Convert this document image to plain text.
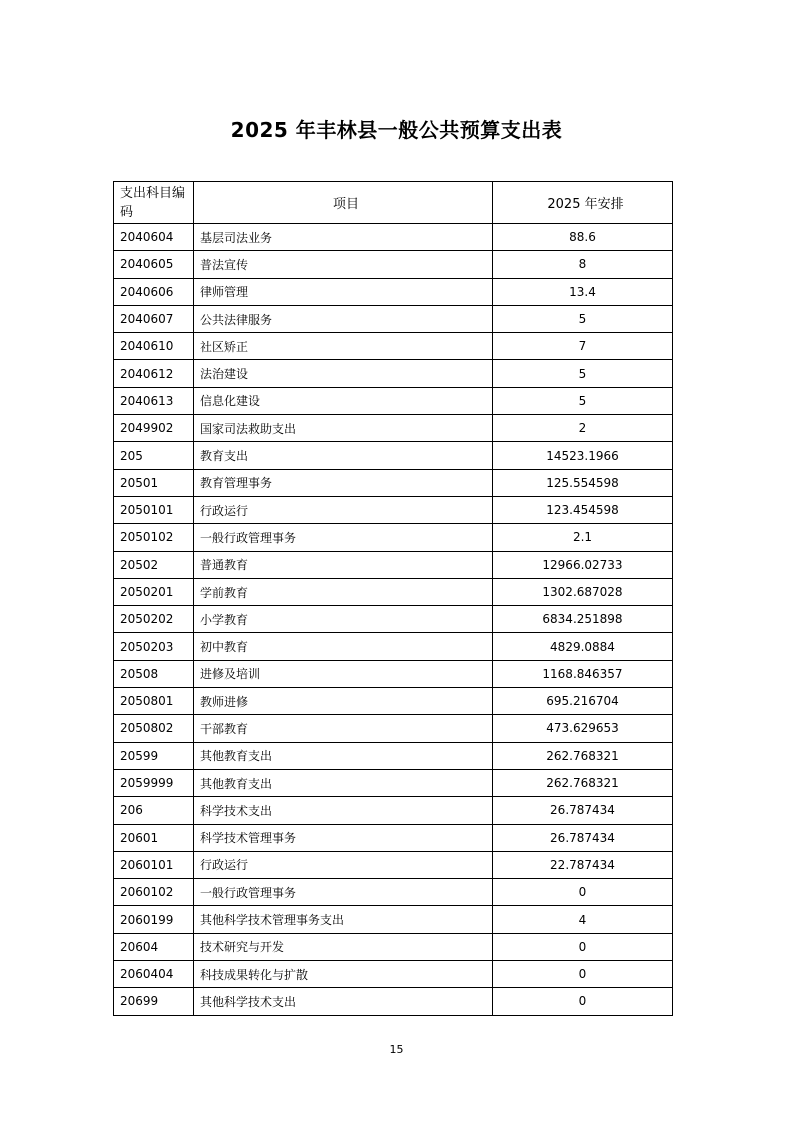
2025 年丰林县一般公共预算支出表
支出科目编码	项目	2025 年安排
2040604	基层司法业务	88.6
2040605	普法宣传	8
2040606	律师管理	13.4
2040607	公共法律服务	5
2040610	社区矫正	7
2040612	法治建设	5
2040613	信息化建设	5
2049902	国家司法救助支出	2
205	教育支出	14523.1966
20501	教育管理事务	125.554598
2050101	行政运行	123.454598
2050102	一般行政管理事务	2.1
20502	普通教育	12966.02733
2050201	学前教育	1302.687028
2050202	小学教育	6834.251898
2050203	初中教育	4829.0884
20508	进修及培训	1168.846357
2050801	教师进修	695.216704
2050802	干部教育	473.629653
20599	其他教育支出	262.768321
2059999	其他教育支出	262.768321
206	科学技术支出	26.787434
20601	科学技术管理事务	26.787434
2060101	行政运行	22.787434
2060102	一般行政管理事务	0
2060199	其他科学技术管理事务支出	4
20604	技术研究与开发	0
2060404	科技成果转化与扩散	0
20699	其他科学技术支出	0
15
